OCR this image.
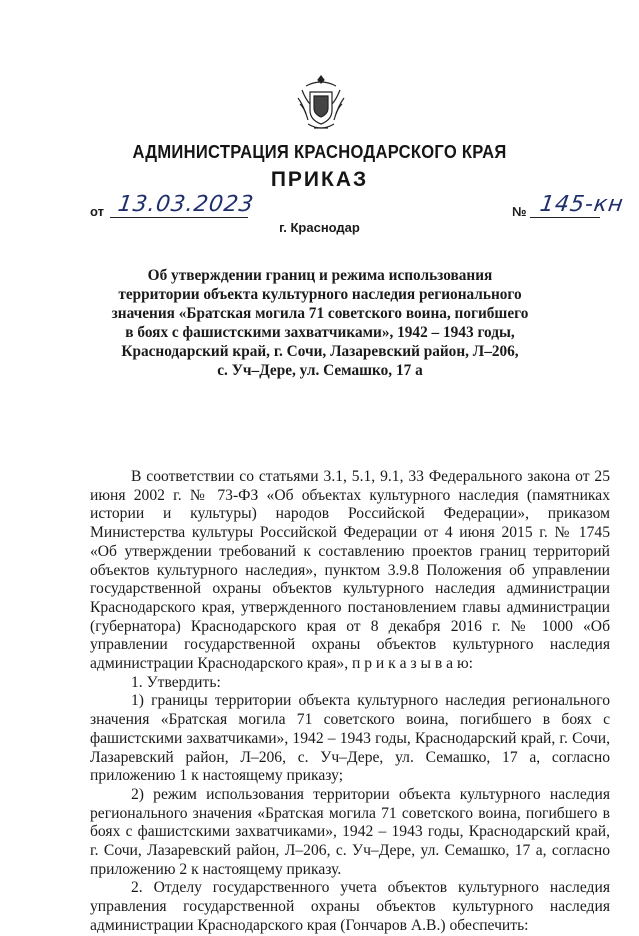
АДМИНИСТРАЦИЯ КРАСНОДАРСКОГО КРАЯ
ПРИКАЗ
от 13.03.2023
г. Краснодар
№ 145-кн
Об утверждении границ и режима использования
территории объекта культурного наследия регионального
значения «Братская могила 71 советского воина, погибшего
в боях с фашистскими захватчиками», 1942 – 1943 годы,
Краснодарский край, г. Сочи, Лазаревский район, Л–206,
с. Уч–Дере, ул. Семашко, 17 а

В соответствии со статьями 3.1, 5.1, 9.1, 33 Федерального закона от 25 июня 2002 г. № 73-ФЗ «Об объектах культурного наследия (памятниках истории и культуры) народов Российской Федерации», приказом Министерства культуры Российской Федерации от 4 июня 2015 г. № 1745 «Об утверждении требований к составлению проектов границ территорий объектов культурного наследия», пунктом 3.9.8 Положения об управлении государственной охраны объектов культурного наследия администрации Краснодарского края, утвержденного постановлением главы администрации (губернатора) Краснодарского края от 8 декабря 2016 г. № 1000 «Об управлении государственной охраны объектов культурного наследия администрации Краснодарского края», п р и к а з ы в а ю:

1. Утвердить:

1) границы территории объекта культурного наследия регионального значения «Братская могила 71 советского воина, погибшего в боях с фашистскими захватчиками», 1942 – 1943 годы, Краснодарский край, г. Сочи, Лазаревский район, Л–206, с. Уч–Дере, ул. Семашко, 17 а, согласно приложению 1 к настоящему приказу;

2) режим использования территории объекта культурного наследия регионального значения «Братская могила 71 советского воина, погибшего в боях с фашистскими захватчиками», 1942 – 1943 годы, Краснодарский край, г. Сочи, Лазаревский район, Л–206, с. Уч–Дере, ул. Семашко, 17 а, согласно приложению 2 к настоящему приказу.

2. Отделу государственного учета объектов культурного наследия управления государственной охраны объектов культурного наследия администрации Краснодарского края (Гончаров А.В.) обеспечить:
